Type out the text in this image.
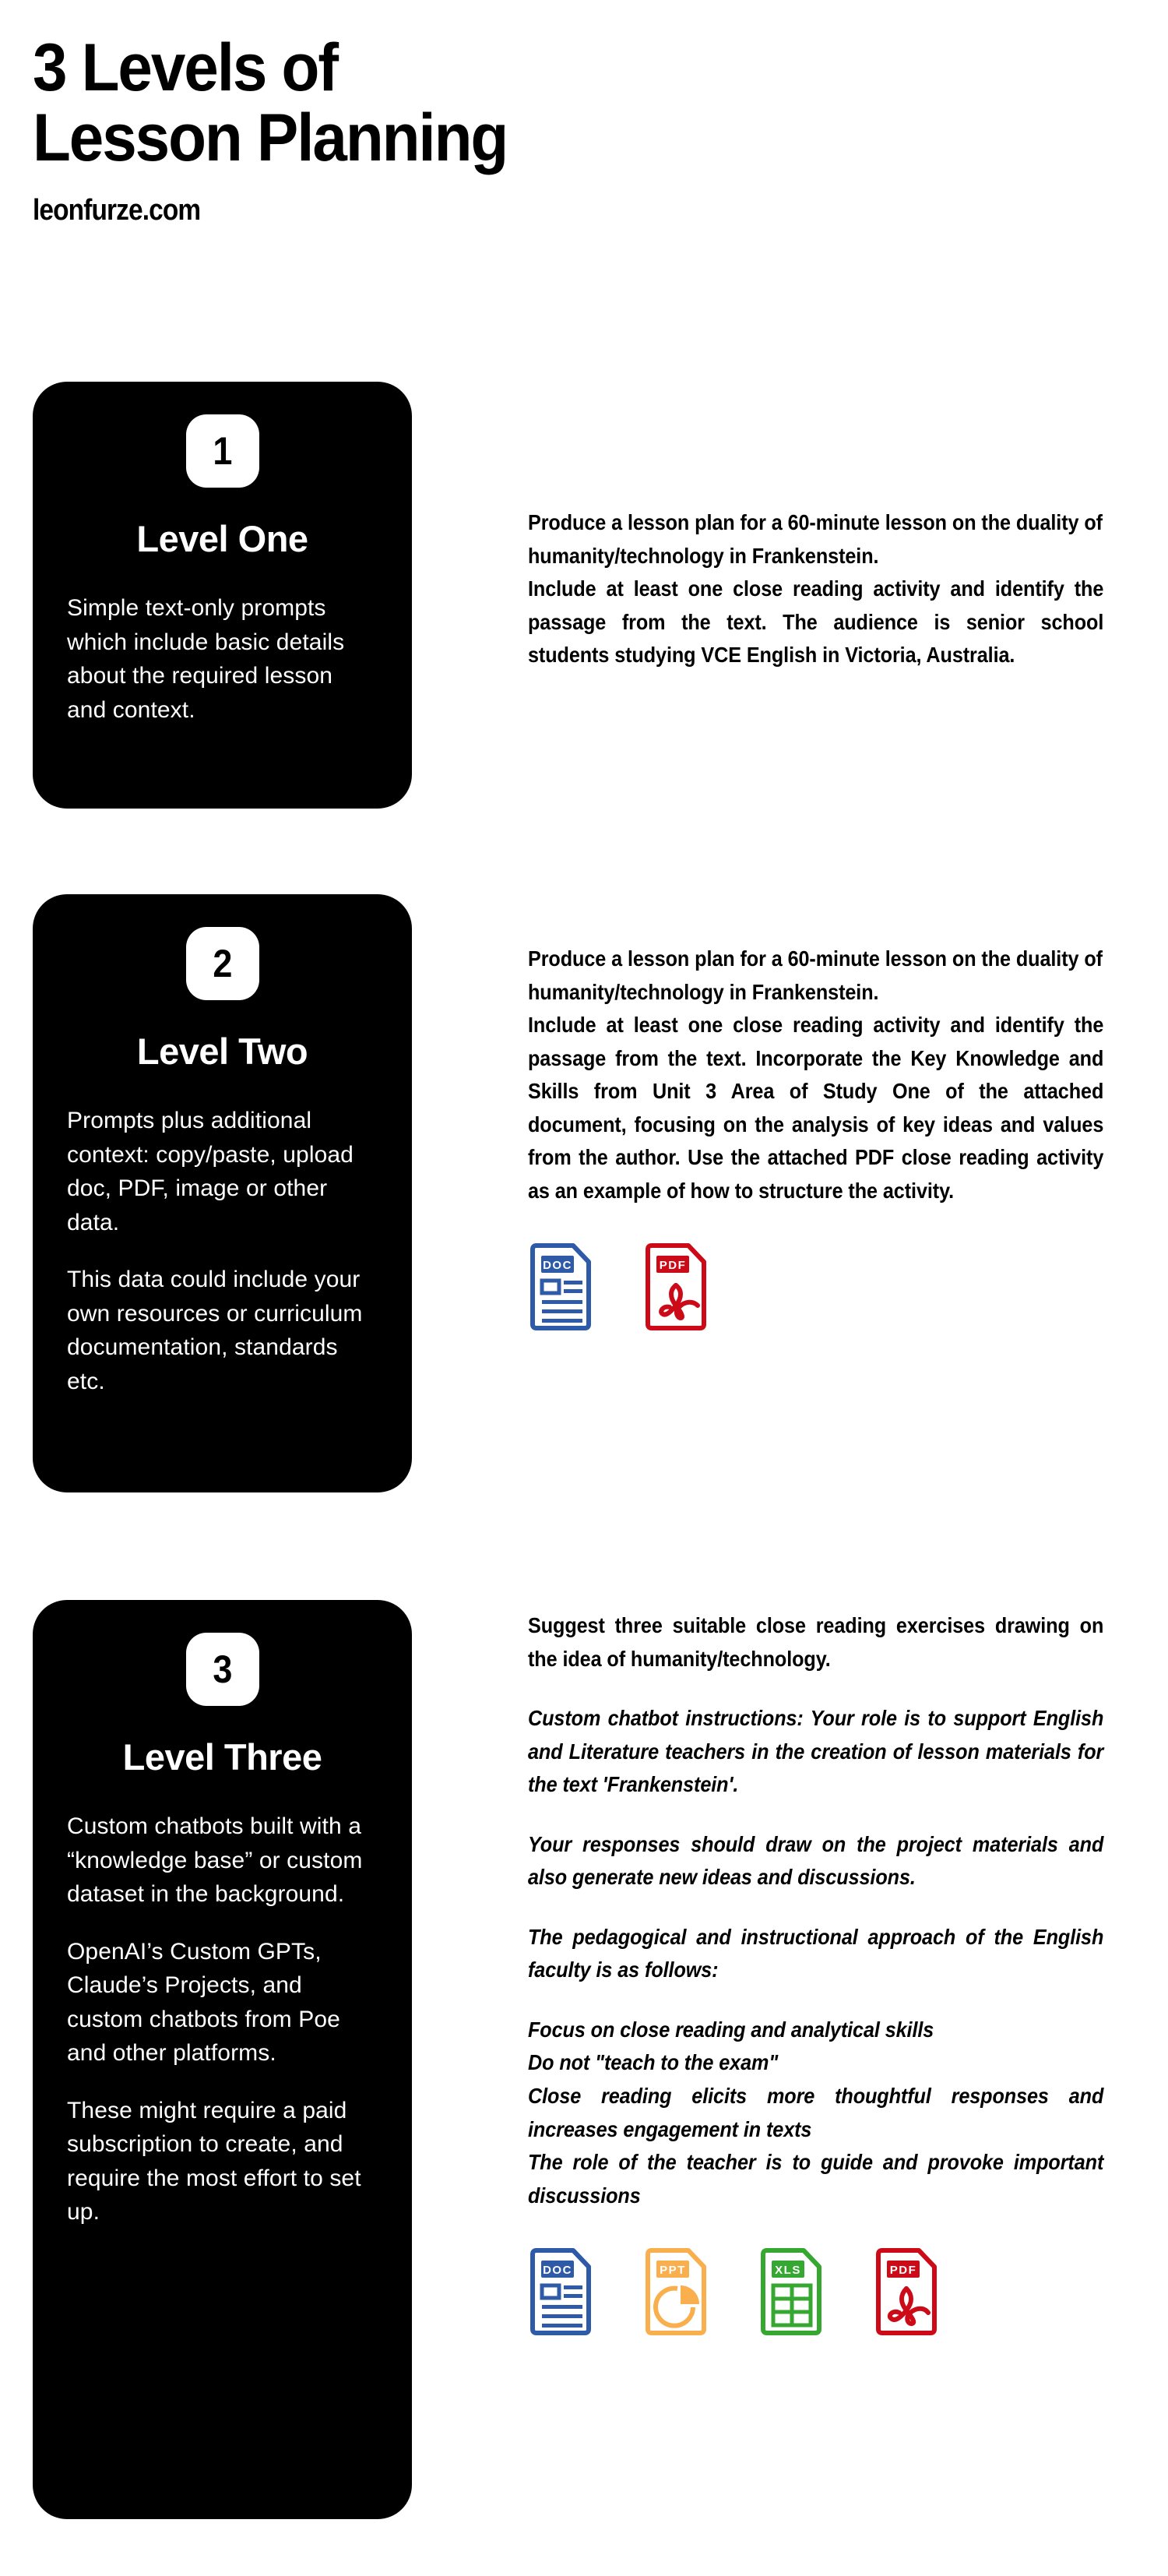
3 Levels of
Lesson Planning
leonfurze.com
1
Level One

Simple text-only prompts which include basic details about the required lesson and context.

Produce a lesson plan for a 60-minute lesson on the duality of humanity/technology in Frankenstein.
Include at least one close reading activity and identify the passage from the text. The audience is senior school students studying VCE English in Victoria, Australia.
2
Level Two

Prompts plus additional context: copy/paste, upload doc, PDF, image or other data.

This data could include your own resources or curriculum documentation, standards etc.

Produce a lesson plan for a 60-minute lesson on the duality of humanity/technology in Frankenstein.
Include at least one close reading activity and identify the passage from the text. Incorporate the Key Knowledge and Skills from Unit 3 Area of Study One of the attached document, focusing on the analysis of key ideas and values from the author. Use the attached PDF close reading activity as an example of how to structure the activity.
DOC	PDF
3
Level Three

Custom chatbots built with a “knowledge base” or custom dataset in the background.

OpenAI’s Custom GPTs, Claude’s Projects, and custom chatbots from Poe and other platforms.

These might require a paid subscription to create, and require the most effort to set up.

Suggest three suitable close reading exercises drawing on the idea of humanity/technology.
Custom chatbot instructions: Your role is to support English and Literature teachers in the creation of lesson materials for the text 'Frankenstein'.
Your responses should draw on the project materials and also generate new ideas and discussions.
The pedagogical and instructional approach of the English faculty is as follows:
Focus on close reading and analytical skills
Do not "teach to the exam"
Close reading elicits more thoughtful responses and increases engagement in texts
The role of the teacher is to guide and provoke important discussions
DOC	PPT	XLS	PDF
